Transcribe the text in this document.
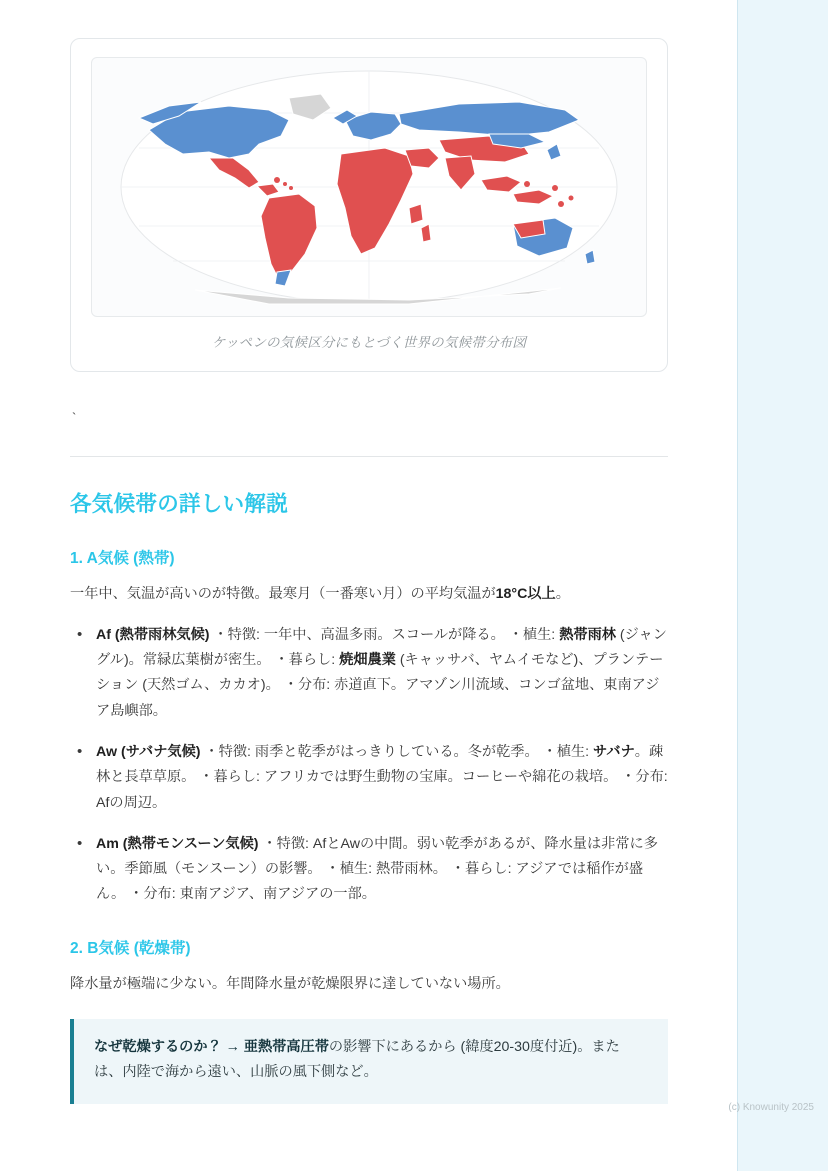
(c) Knowunity 2025
ケッペンの気候区分にもとづく世界の気候帯分布図
`
各気候帯の詳しい解説
1. A気候 (熱帯)

一年中、気温が高いのが特徴。最寒月（一番寒い月）の平均気温が18°C以上。

• Af (熱帯雨林気候) ・特徴: 一年中、高温多雨。スコールが降る。 ・植生: 熱帯雨林 (ジャングル)。常緑広葉樹が密生。 ・暮らし: 焼畑農業 (キャッサバ、ヤムイモなど)、プランテーション (天然ゴム、カカオ)。 ・分布: 赤道直下。アマゾン川流域、コンゴ盆地、東南アジア島嶼部。
• Aw (サバナ気候) ・特徴: 雨季と乾季がはっきりしている。冬が乾季。 ・植生: サバナ。疎林と長草草原。 ・暮らし: アフリカでは野生動物の宝庫。コーヒーや綿花の栽培。 ・分布: Afの周辺。
• Am (熱帯モンスーン気候) ・特徴: AfとAwの中間。弱い乾季があるが、降水量は非常に多い。季節風（モンスーン）の影響。 ・植生: 熱帯雨林。 ・暮らし: アジアでは稲作が盛ん。 ・分布: 東南アジア、南アジアの一部。
2. B気候 (乾燥帯)

降水量が極端に少ない。年間降水量が乾燥限界に達していない場所。

なぜ乾燥するのか？ → 亜熱帯高圧帯の影響下にあるから (緯度20-30度付近)。または、内陸で海から遠い、山脈の風下側など。
